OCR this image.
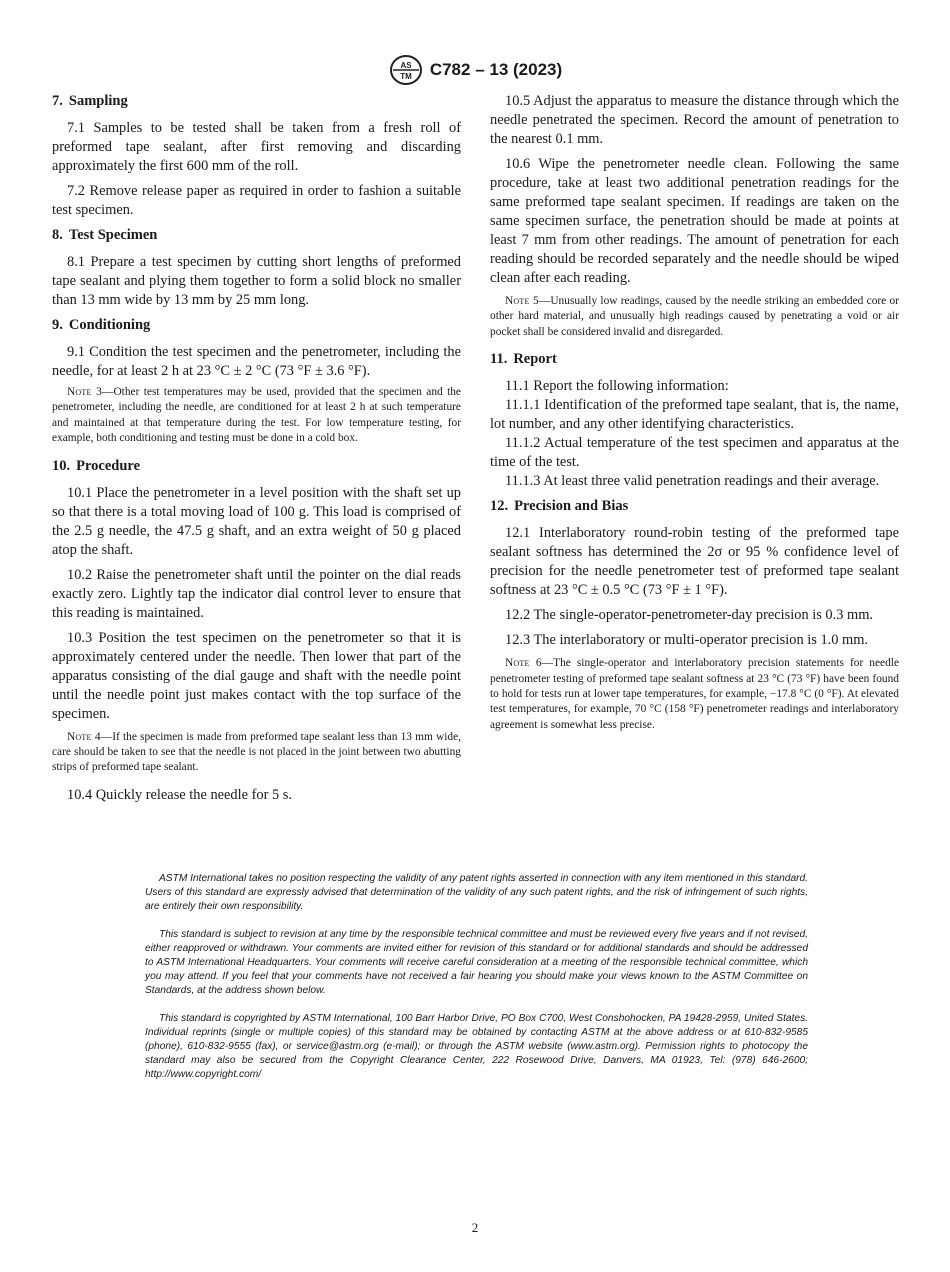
AS
TM C782 – 13 (2023)
7. Sampling

7.1 Samples to be tested shall be taken from a fresh roll of preformed tape sealant, after first removing and discarding approximately the first 600 mm of the roll.

7.2 Remove release paper as required in order to fashion a suitable test specimen.

8. Test Specimen

8.1 Prepare a test specimen by cutting short lengths of preformed tape sealant and plying them together to form a solid block no smaller than 13 mm wide by 13 mm by 25 mm long.

9. Conditioning

9.1 Condition the test specimen and the penetrometer, including the needle, for at least 2 h at 23 °C ± 2 °C (73 °F ± 3.6 °F).

Note 3—Other test temperatures may be used, provided that the specimen and the penetrometer, including the needle, are conditioned for at least 2 h at such temperature and maintained at that temperature during the test. For low temperature testing, for example, both conditioning and testing must be done in a cold box.

10. Procedure

10.1 Place the penetrometer in a level position with the shaft set up so that there is a total moving load of 100 g. This load is comprised of the 2.5 g needle, the 47.5 g shaft, and an extra weight of 50 g placed atop the shaft.

10.2 Raise the penetrometer shaft until the pointer on the dial reads exactly zero. Lightly tap the indicator dial control lever to ensure that this reading is maintained.

10.3 Position the test specimen on the penetrometer so that it is approximately centered under the needle. Then lower that part of the apparatus consisting of the dial gauge and shaft with the needle point until the needle point just makes contact with the top surface of the specimen.

Note 4—If the specimen is made from preformed tape sealant less than 13 mm wide, care should be taken to see that the needle is not placed in the joint between two abutting strips of preformed tape sealant.

10.4 Quickly release the needle for 5 s.

10.5 Adjust the apparatus to measure the distance through which the needle penetrated the specimen. Record the amount of penetration to the nearest 0.1 mm.

10.6 Wipe the penetrometer needle clean. Following the same procedure, take at least two additional penetration readings for the same preformed tape sealant specimen. If readings are taken on the same specimen surface, the penetration should be made at points at least 7 mm from other readings. The amount of penetration for each reading should be recorded separately and the needle should be wiped clean after each reading.

Note 5—Unusually low readings, caused by the needle striking an embedded core or other hard material, and unusually high readings caused by penetrating a void or air pocket shall be considered invalid and disregarded.

11. Report

11.1 Report the following information:

11.1.1 Identification of the preformed tape sealant, that is, the name, lot number, and any other identifying characteristics.

11.1.2 Actual temperature of the test specimen and apparatus at the time of the test.

11.1.3 At least three valid penetration readings and their average.

12. Precision and Bias

12.1 Interlaboratory round-robin testing of the preformed tape sealant softness has determined the 2σ or 95 % confidence level of precision for the needle penetrometer test of preformed tape sealant softness at 23 °C ± 0.5 °C (73 °F ± 1 °F).

12.2 The single-operator-penetrometer-day precision is 0.3 mm.

12.3 The interlaboratory or multi-operator precision is 1.0 mm.

Note 6—The single-operator and interlaboratory precision statements for needle penetrometer testing of preformed tape sealant softness at 23 °C (73 °F) have been found to hold for tests run at lower tape temperatures, for example, −17.8 °C (0 °F). At elevated test temperatures, for example, 70 °C (158 °F) penetrometer readings and interlaboratory agreement is somewhat less precise.

ASTM International takes no position respecting the validity of any patent rights asserted in connection with any item mentioned in this standard. Users of this standard are expressly advised that determination of the validity of any such patent rights, and the risk of infringement of such rights, are entirely their own responsibility.

This standard is subject to revision at any time by the responsible technical committee and must be reviewed every five years and if not revised, either reapproved or withdrawn. Your comments are invited either for revision of this standard or for additional standards and should be addressed to ASTM International Headquarters. Your comments will receive careful consideration at a meeting of the responsible technical committee, which you may attend. If you feel that your comments have not received a fair hearing you should make your views known to the ASTM Committee on Standards, at the address shown below.

This standard is copyrighted by ASTM International, 100 Barr Harbor Drive, PO Box C700, West Conshohocken, PA 19428-2959, United States. Individual reprints (single or multiple copies) of this standard may be obtained by contacting ASTM at the above address or at 610-832-9585 (phone), 610-832-9555 (fax), or service@astm.org (e-mail); or through the ASTM website (www.astm.org). Permission rights to photocopy the standard may also be secured from the Copyright Clearance Center, 222 Rosewood Drive, Danvers, MA 01923, Tel: (978) 646-2600; http://www.copyright.com/

2
